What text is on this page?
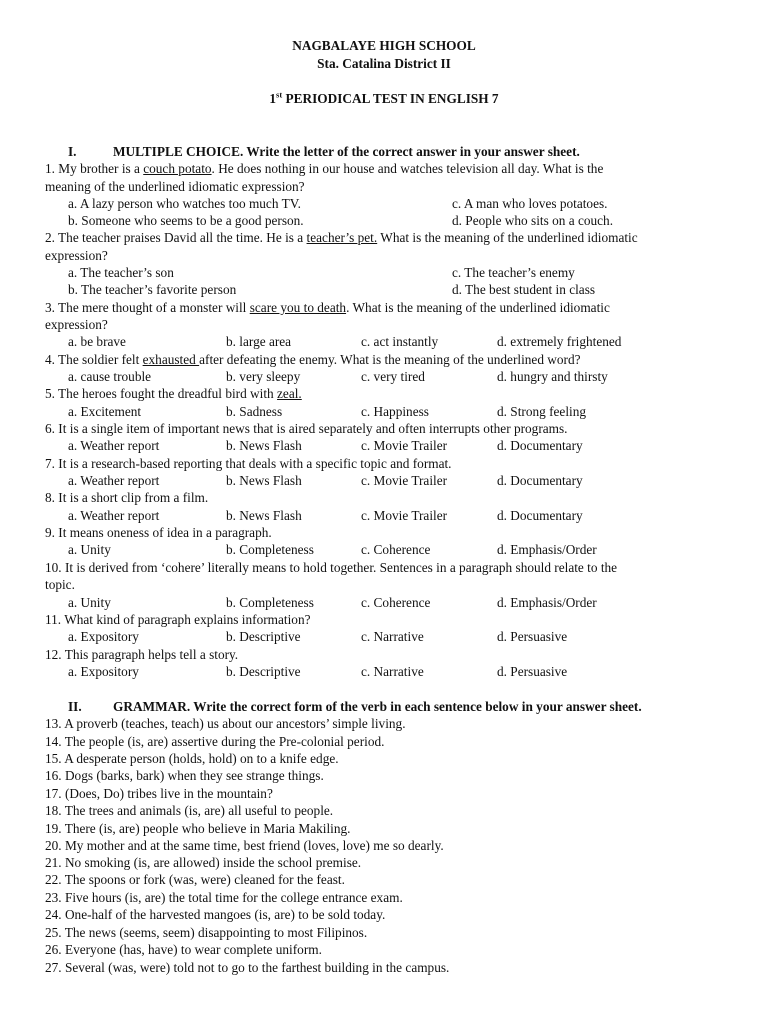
NAGBALAYE HIGH SCHOOL
Sta. Catalina District II
1st PERIODICAL TEST IN ENGLISH 7
I.	MULTIPLE CHOICE. Write the letter of the correct answer in your answer sheet.
1. My brother is a couch potato. He does nothing in our house and watches television all day. What is the
meaning of the underlined idiomatic expression?
a. A lazy person who watches too much TV.	c. A man who loves potatoes.
b. Someone who seems to be a good person.	d. People who sits on a couch.
2. The teacher praises David all the time. He is a teacher’s pet. What is the meaning of the underlined idiomatic
expression?
a. The teacher’s son	c. The teacher’s enemy
b. The teacher’s favorite person	d. The best student in class
3. The mere thought of a monster will scare you to death. What is the meaning of the underlined idiomatic
expression?
a. be brave	b. large area	c. act instantly	d. extremely frightened
4. The soldier felt exhausted after defeating the enemy. What is the meaning of the underlined word?
a. cause trouble	b. very sleepy	c. very tired	d. hungry and thirsty
5. The heroes fought the dreadful bird with zeal.
a. Excitement	b. Sadness	c. Happiness	d. Strong feeling
6. It is a single item of important news that is aired separately and often interrupts other programs.
a. Weather report	b. News Flash	c. Movie Trailer	d. Documentary
7. It is a research-based reporting that deals with a specific topic and format.
a. Weather report	b. News Flash	c. Movie Trailer	d. Documentary
8. It is a short clip from a film.
a. Weather report	b. News Flash	c. Movie Trailer	d. Documentary
9. It means oneness of idea in a paragraph.
a. Unity	b. Completeness	c. Coherence	d. Emphasis/Order
10. It is derived from ‘cohere’ literally means to hold together. Sentences in a paragraph should relate to the
topic.
a. Unity	b. Completeness	c. Coherence	d. Emphasis/Order
11. What kind of paragraph explains information?
a. Expository	b. Descriptive	c. Narrative	d. Persuasive
12. This paragraph helps tell a story.
a. Expository	b. Descriptive	c. Narrative	d. Persuasive
II. GRAMMAR. Write the correct form of the verb in each sentence below in your answer sheet.
13. A proverb (teaches, teach) us about our ancestors’ simple living.
14. The people (is, are) assertive during the Pre-colonial period.
15. A desperate person (holds, hold) on to a knife edge.
16. Dogs (barks, bark) when they see strange things.
17. (Does, Do) tribes live in the mountain?
18. The trees and animals (is, are) all useful to people.
19. There (is, are) people who believe in Maria Makiling.
20. My mother and at the same time, best friend (loves, love) me so dearly.
21. No smoking (is, are allowed) inside the school premise.
22. The spoons or fork (was, were) cleaned for the feast.
23. Five hours (is, are) the total time for the college entrance exam.
24. One-half of the harvested mangoes (is, are) to be sold today.
25. The news (seems, seem) disappointing to most Filipinos.
26. Everyone (has, have) to wear complete uniform.
27. Several (was, were) told not to go to the farthest building in the campus.
